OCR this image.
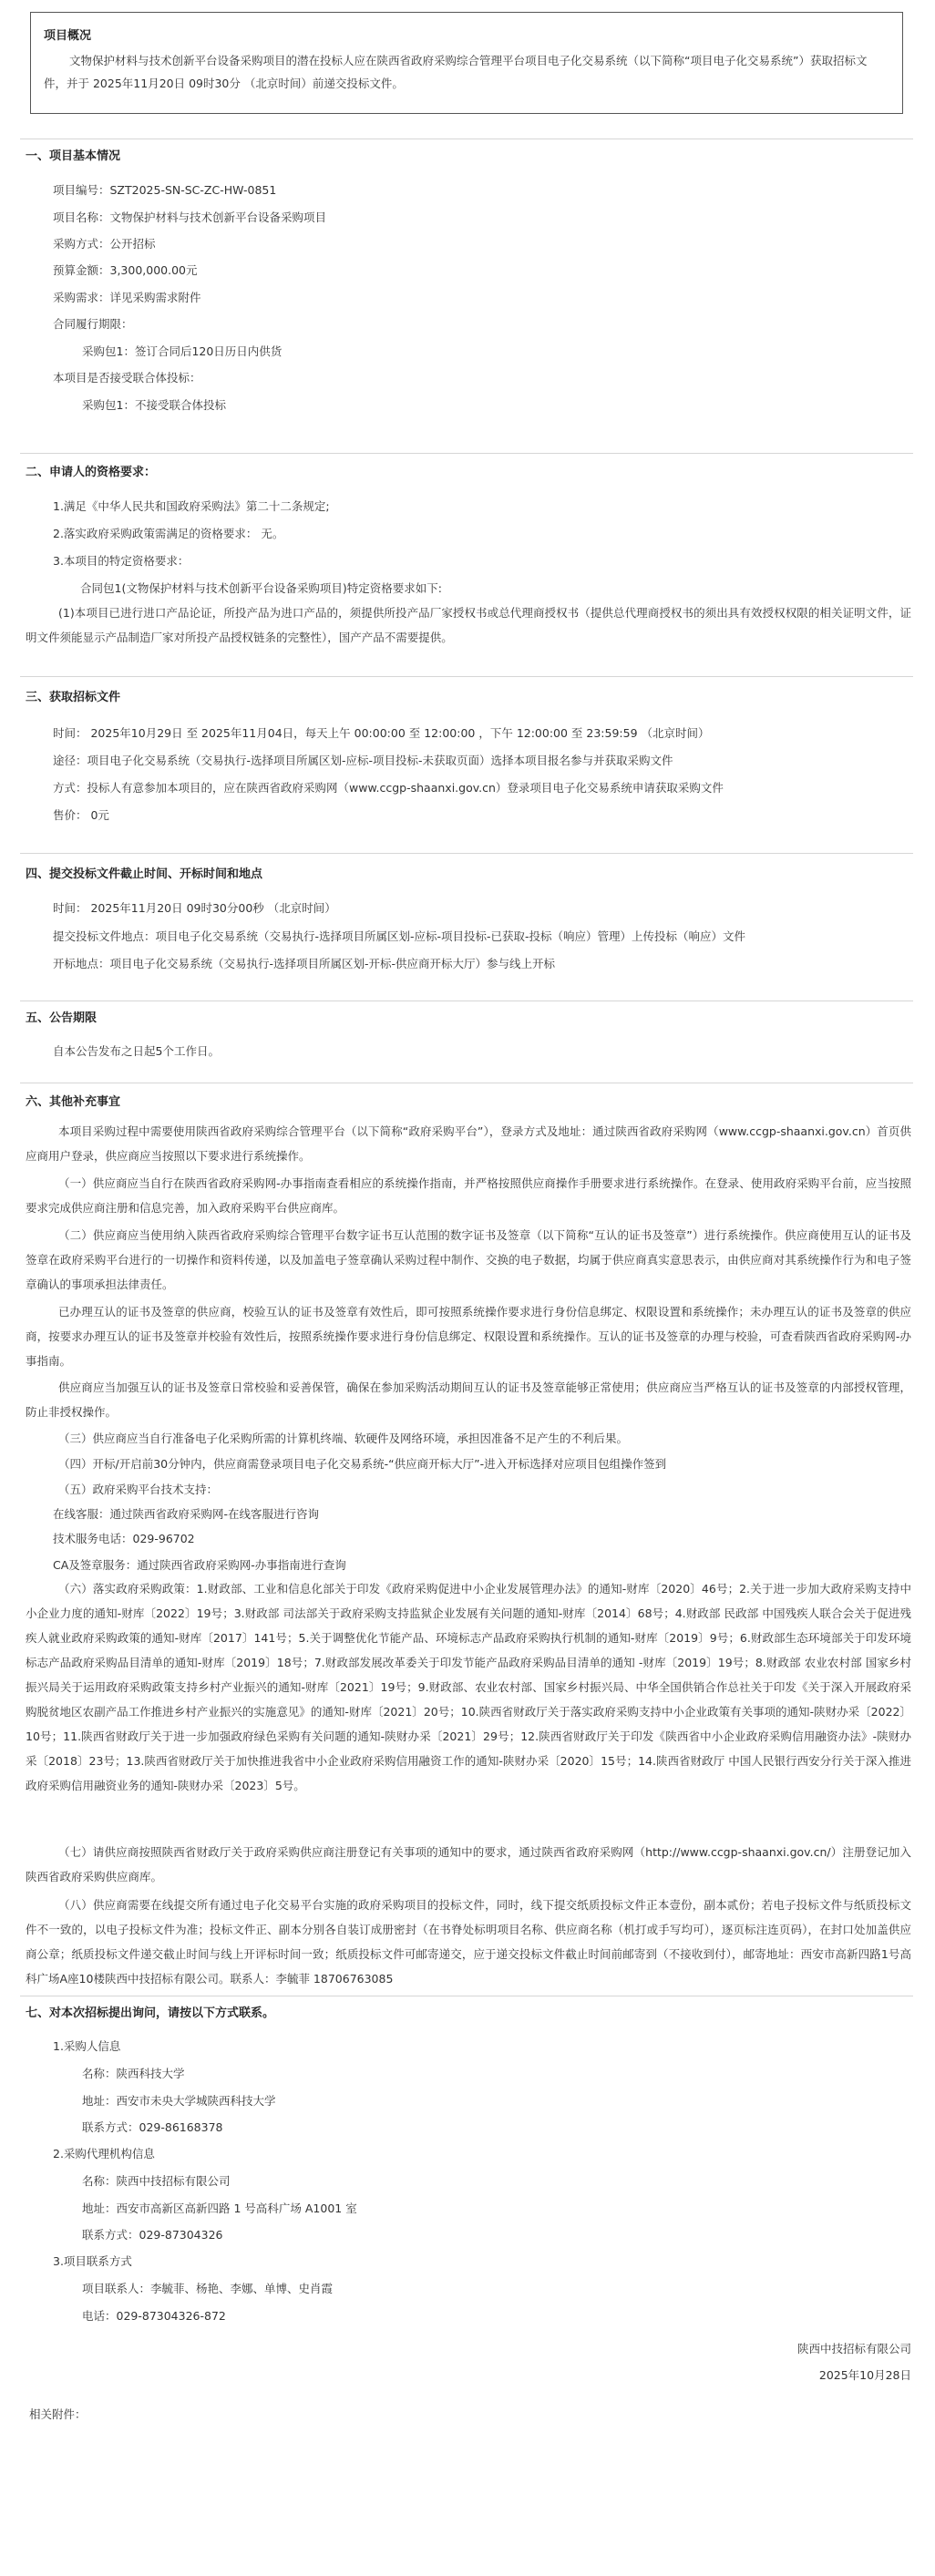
项目概况
文物保护材料与技术创新平台设备采购项目的潜在投标人应在陕西省政府采购综合管理平台项目电子化交易系统（以下简称“项目电子化交易系统”）获取招标文件，并于 2025年11月20日 09时30分 （北京时间）前递交投标文件。
一、项目基本情况
项目编号：SZT2025-SN-SC-ZC-HW-0851
项目名称：文物保护材料与技术创新平台设备采购项目
采购方式：公开招标
预算金额：3,300,000.00元
采购需求：详见采购需求附件
合同履行期限：
采购包1：签订合同后120日历日内供货
本项目是否接受联合体投标：
采购包1：不接受联合体投标
二、申请人的资格要求：
1.满足《中华人民共和国政府采购法》第二十二条规定;
2.落实政府采购政策需满足的资格要求： 无。
3.本项目的特定资格要求：
合同包1(文物保护材料与技术创新平台设备采购项目)特定资格要求如下:
(1)本项目已进行进口产品论证，所投产品为进口产品的，须提供所投产品厂家授权书或总代理商授权书（提供总代理商授权书的须出具有效授权权限的相关证明文件，证明文件须能显示产品制造厂家对所投产品授权链条的完整性），国产产品不需要提供。
三、获取招标文件
时间： 2025年10月29日 至 2025年11月04日，每天上午 00:00:00 至 12:00:00 ，下午 12:00:00 至 23:59:59 （北京时间）
途径：项目电子化交易系统（交易执行-选择项目所属区划-应标-项目投标-未获取页面）选择本项目报名参与并获取采购文件
方式：投标人有意参加本项目的，应在陕西省政府采购网（www.ccgp-shaanxi.gov.cn）登录项目电子化交易系统申请获取采购文件
售价： 0元
四、提交投标文件截止时间、开标时间和地点
时间： 2025年11月20日 09时30分00秒 （北京时间）
提交投标文件地点：项目电子化交易系统（交易执行-选择项目所属区划-应标-项目投标-已获取-投标（响应）管理）上传投标（响应）文件
开标地点：项目电子化交易系统（交易执行-选择项目所属区划-开标-供应商开标大厅）参与线上开标
五、公告期限
自本公告发布之日起5个工作日。
六、其他补充事宜
本项目采购过程中需要使用陕西省政府采购综合管理平台（以下简称“政府采购平台”），登录方式及地址：通过陕西省政府采购网（www.ccgp-shaanxi.gov.cn）首页供应商用户登录，供应商应当按照以下要求进行系统操作。
（一）供应商应当自行在陕西省政府采购网-办事指南查看相应的系统操作指南，并严格按照供应商操作手册要求进行系统操作。在登录、使用政府采购平台前，应当按照要求完成供应商注册和信息完善，加入政府采购平台供应商库。
（二）供应商应当使用纳入陕西省政府采购综合管理平台数字证书互认范围的数字证书及签章（以下简称“互认的证书及签章”）进行系统操作。供应商使用互认的证书及签章在政府采购平台进行的一切操作和资料传递，以及加盖电子签章确认采购过程中制作、交换的电子数据，均属于供应商真实意思表示，由供应商对其系统操作行为和电子签章确认的事项承担法律责任。
已办理互认的证书及签章的供应商，校验互认的证书及签章有效性后，即可按照系统操作要求进行身份信息绑定、权限设置和系统操作；未办理互认的证书及签章的供应商，按要求办理互认的证书及签章并校验有效性后，按照系统操作要求进行身份信息绑定、权限设置和系统操作。互认的证书及签章的办理与校验，可查看陕西省政府采购网-办事指南。
供应商应当加强互认的证书及签章日常校验和妥善保管，确保在参加采购活动期间互认的证书及签章能够正常使用；供应商应当严格互认的证书及签章的内部授权管理，防止非授权操作。
（三）供应商应当自行准备电子化采购所需的计算机终端、软硬件及网络环境，承担因准备不足产生的不利后果。
（四）开标/开启前30分钟内，供应商需登录项目电子化交易系统-“供应商开标大厅”-进入开标选择对应项目包组操作签到
（五）政府采购平台技术支持：
在线客服：通过陕西省政府采购网-在线客服进行咨询
技术服务电话：029-96702
CA及签章服务：通过陕西省政府采购网-办事指南进行查询
（六）落实政府采购政策：1.财政部、工业和信息化部关于印发《政府采购促进中小企业发展管理办法》的通知-财库〔2020〕46号；2.关于进一步加大政府采购支持中小企业力度的通知-财库〔2022〕19号；3.财政部 司法部关于政府采购支持监狱企业发展有关问题的通知-财库〔2014〕68号；4.财政部 民政部 中国残疾人联合会关于促进残疾人就业政府采购政策的通知-财库〔2017〕141号；5.关于调整优化节能产品、环境标志产品政府采购执行机制的通知-财库〔2019〕9号；6.财政部生态环境部关于印发环境标志产品政府采购品目清单的通知-财库〔2019〕18号；7.财政部发展改革委关于印发节能产品政府采购品目清单的通知 -财库〔2019〕19号；8.财政部 农业农村部 国家乡村振兴局关于运用政府采购政策支持乡村产业振兴的通知-财库〔2021〕19号；9.财政部、农业农村部、国家乡村振兴局、中华全国供销合作总社关于印发《关于深入开展政府采购脱贫地区农副产品工作推进乡村产业振兴的实施意见》的通知-财库〔2021〕20号；10.陕西省财政厅关于落实政府采购支持中小企业政策有关事项的通知-陕财办采〔2022〕10号；11.陕西省财政厅关于进一步加强政府绿色采购有关问题的通知-陕财办采〔2021〕29号；12.陕西省财政厅关于印发《陕西省中小企业政府采购信用融资办法》-陕财办采〔2018〕23号；13.陕西省财政厅关于加快推进我省中小企业政府采购信用融资工作的通知-陕财办采〔2020〕15号；14.陕西省财政厅 中国人民银行西安分行关于深入推进政府采购信用融资业务的通知-陕财办采〔2023〕5号。
（七）请供应商按照陕西省财政厅关于政府采购供应商注册登记有关事项的通知中的要求，通过陕西省政府采购网（http://www.ccgp-shaanxi.gov.cn/）注册登记加入陕西省政府采购供应商库。
（八）供应商需要在线提交所有通过电子化交易平台实施的政府采购项目的投标文件，同时，线下提交纸质投标文件正本壹份，副本贰份；若电子投标文件与纸质投标文件不一致的，以电子投标文件为准；投标文件正、副本分别各自装订成册密封（在书脊处标明项目名称、供应商名称（机打或手写均可），逐页标注连页码），在封口处加盖供应商公章；纸质投标文件递交截止时间与线上开评标时间一致；纸质投标文件可邮寄递交，应于递交投标文件截止时间前邮寄到（不接收到付），邮寄地址：西安市高新四路1号高科广场A座10楼陕西中技招标有限公司。联系人：李毓菲 18706763085
七、对本次招标提出询问，请按以下方式联系。
1.采购人信息
名称：陕西科技大学
地址：西安市未央大学城陕西科技大学
联系方式：029-86168378
2.采购代理机构信息
名称：陕西中技招标有限公司
地址：西安市高新区高新四路 1 号高科广场 A1001 室
联系方式：029-87304326
3.项目联系方式
项目联系人：李毓菲、杨艳、李娜、单博、史肖霞
电话：029-87304326-872
陕西中技招标有限公司
2025年10月28日
相关附件：
